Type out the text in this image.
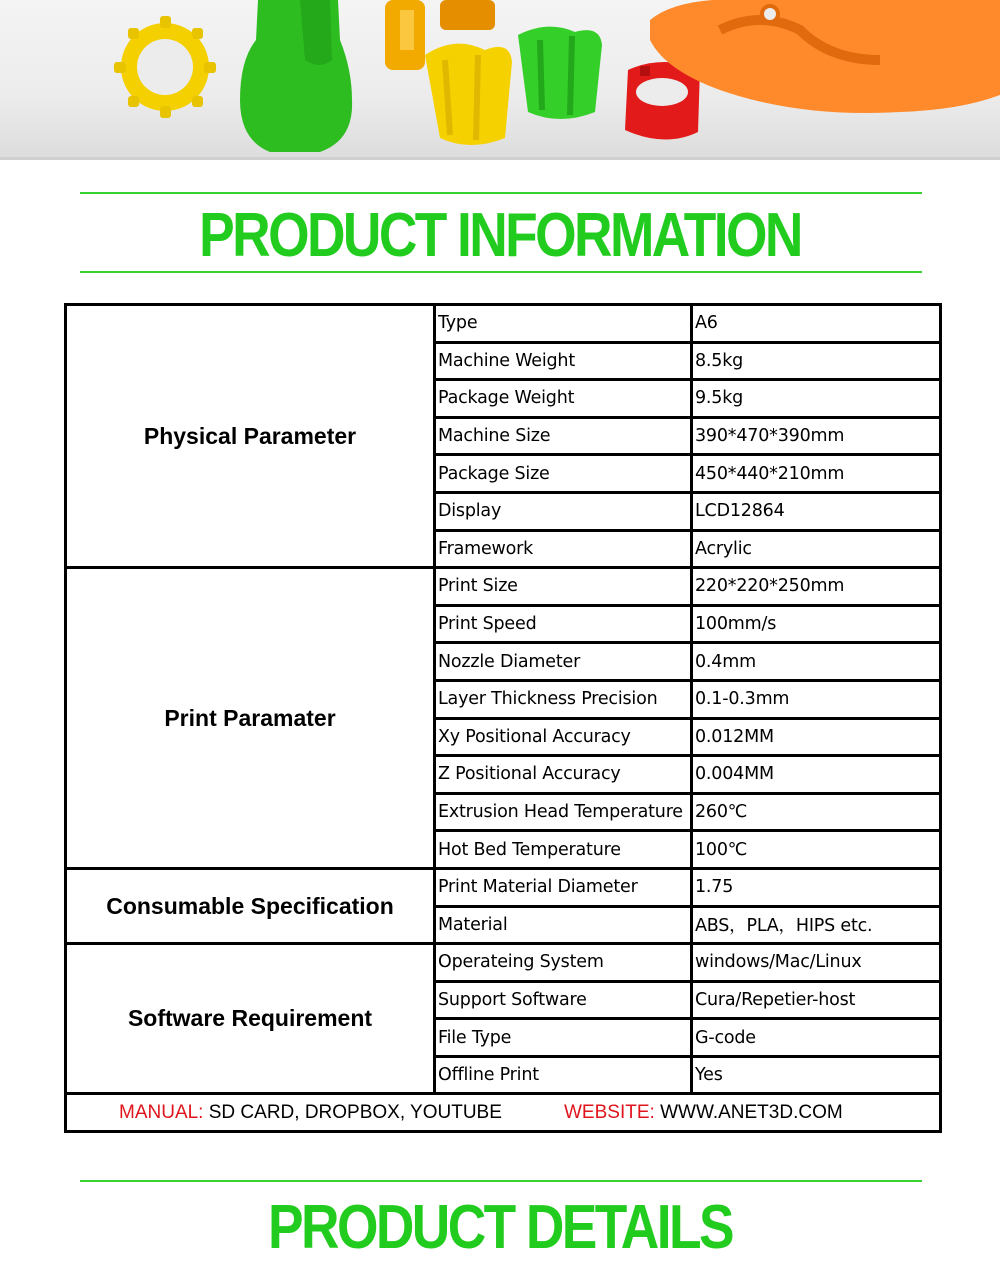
PRODUCT INFORMATION
Physical Parameter	Type	A6
	Machine Weight	8.5kg
	Package Weight	9.5kg
	Machine Size	390*470*390mm
	Package Size	450*440*210mm
	Display	LCD12864
	Framework	Acrylic
Print Paramater	Print Size	220*220*250mm
	Print Speed	100mm/s
	Nozzle Diameter	0.4mm
	Layer Thickness Precision	0.1-0.3mm
	Xy Positional Accuracy	0.012MM
	Z Positional Accuracy	0.004MM
	Extrusion Head Temperature	260℃
	Hot Bed Temperature	100℃
Consumable Specification	Print Material Diameter	1.75
	Material	ABS，PLA，HIPS etc.
Software Requirement	Operateing System	windows/Mac/Linux
	Support Software	Cura/Repetier-host
	File Type	G-code
	Offline Print	Yes

MANUAL: SD CARD, DROPBOX, YOUTUBE WEBSITE: WWW.ANET3D.COM		
PRODUCT DETAILS
